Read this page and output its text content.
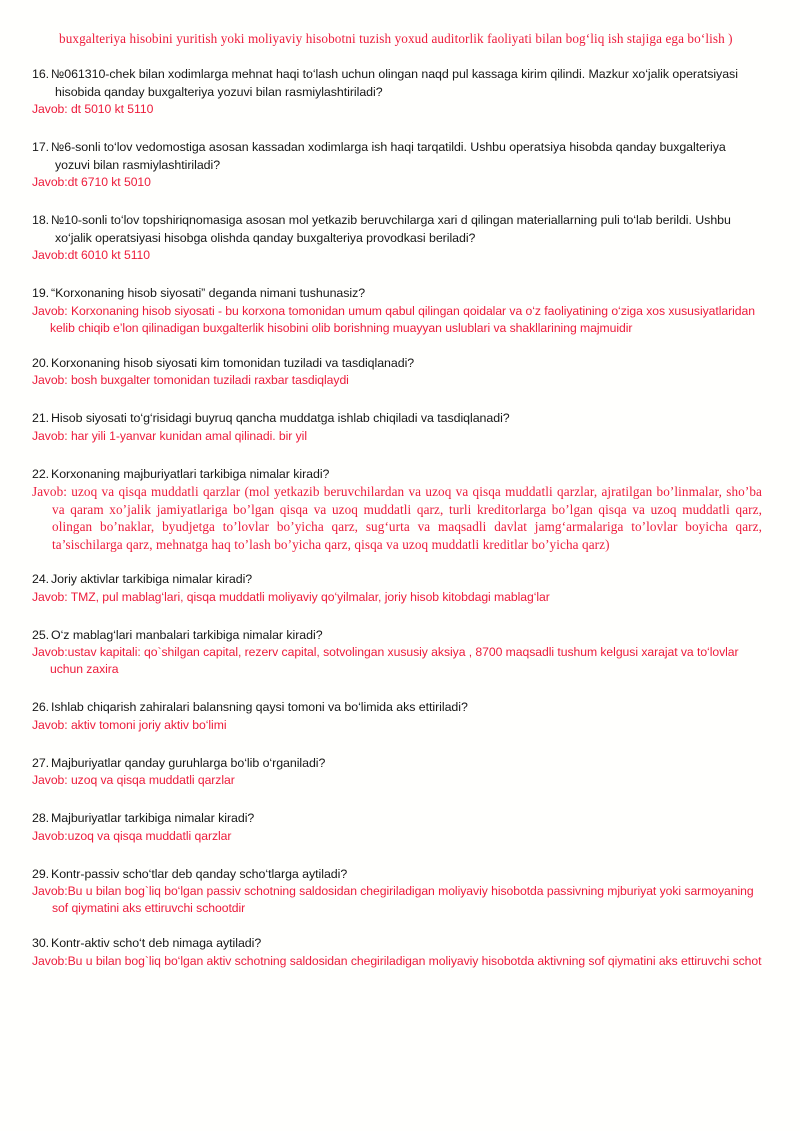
buxgalteriya hisobini yuritish yoki moliyaviy hisobotni tuzish yoxud auditorlik faoliyati bilan bog‘liq ish stajiga ega bo‘lish )

16. №061310-chek bilan xodimlarga mehnat haqi to‘lash uchun olingan naqd pul kassaga kirim qilindi. Mazkur xo‘jalik operatsiyasi hisobida qanday buxgalteriya yozuvi bilan rasmiylashtiriladi?

Javob: dt 5010 kt 5110

17. №6-sonli to‘lov vedomostiga asosan kassadan xodimlarga ish haqi tarqatildi. Ushbu operatsiya hisobda qanday buxgalteriya yozuvi bilan rasmiylashtiriladi?

Javob:dt 6710 kt 5010

18. №10-sonli to‘lov topshiriqnomasiga asosan mol yetkazib beruvchilarga xari d qilingan materiallarning puli to‘lab berildi. Ushbu xo‘jalik operatsiyasi hisobga olishda qanday buxgalteriya provodkasi beriladi?

Javob:dt 6010 kt 5110

19. “Korxonaning hisob siyosati” deganda nimani tushunasiz?

Javob: Korxonaning hisob siyosati - bu korxona tomonidan umum qabul qilingan qoidalar va o‘z faoliyatining o‘ziga xos xususiyatlaridan kelib chiqib e’lon qilinadigan buxgalterlik hisobini olib borishning muayyan uslublari va shakllarining majmuidir

20. Korxonaning hisob siyosati kim tomonidan tuziladi va tasdiqlanadi?

Javob: bosh buxgalter tomonidan tuziladi raxbar tasdiqlaydi

21. Hisob siyosati to‘g‘risidagi buyruq qancha muddatga ishlab chiqiladi va tasdiqlanadi?

Javob: har yili 1-yanvar kunidan amal qilinadi. bir yil

22. Korxonaning majburiyatlari tarkibiga nimalar kiradi?

Javob: uzoq va qisqa muddatli qarzlar (mol yetkazib beruvchilardan va uzoq va qisqa muddatli qarzlar, ajratilgan bo’linmalar, sho’ba va qaram xo’jalik jamiyatlariga bo’lgan qisqa va uzoq muddatli qarz, turli kreditorlarga bo’lgan qisqa va uzoq muddatli qarz, olingan bo’naklar, byudjetga to’lovlar bo’yicha qarz, sug‘urta va maqsadli davlat jamg‘armalariga to’lovlar boyicha qarz, ta’sischilarga qarz, mehnatga haq to’lash bo’yicha qarz, qisqa va uzoq muddatli kreditlar bo’yicha qarz)

24. Joriy aktivlar tarkibiga nimalar kiradi?

Javob: TMZ, pul mablag‘lari, qisqa muddatli moliyaviy qo‘yilmalar, joriy hisob kitobdagi mablag‘lar

25. O‘z mablag‘lari manbalari tarkibiga nimalar kiradi?

Javob:ustav kapitali: qo`shilgan capital, rezerv capital, sotvolingan xususiy aksiya , 8700 maqsadli tushum kelgusi xarajat va to‘lovlar uchun zaxira

26. Ishlab chiqarish zahiralari balansning qaysi tomoni va bo‘limida aks ettiriladi?

Javob: aktiv tomoni joriy aktiv bo‘limi

27. Majburiyatlar qanday guruhlarga bo‘lib o‘rganiladi?

Javob: uzoq va qisqa muddatli qarzlar

28. Majburiyatlar tarkibiga nimalar kiradi?

Javob:uzoq va qisqa muddatli qarzlar

29. Kontr-passiv scho‘tlar deb qanday scho‘tlarga aytiladi?

Javob:Bu u bilan bog`liq bo‘lgan passiv schotning saldosidan chegiriladigan moliyaviy hisobotda passivning mjburiyat yoki sarmoyaning sof qiymatini aks ettiruvchi schootdir

30. Kontr-aktiv scho‘t deb nimaga aytiladi?

Javob:Bu u bilan bog`liq bo‘lgan aktiv schotning saldosidan chegiriladigan moliyaviy hisobotda aktivning sof qiymatini aks ettiruvchi schot
